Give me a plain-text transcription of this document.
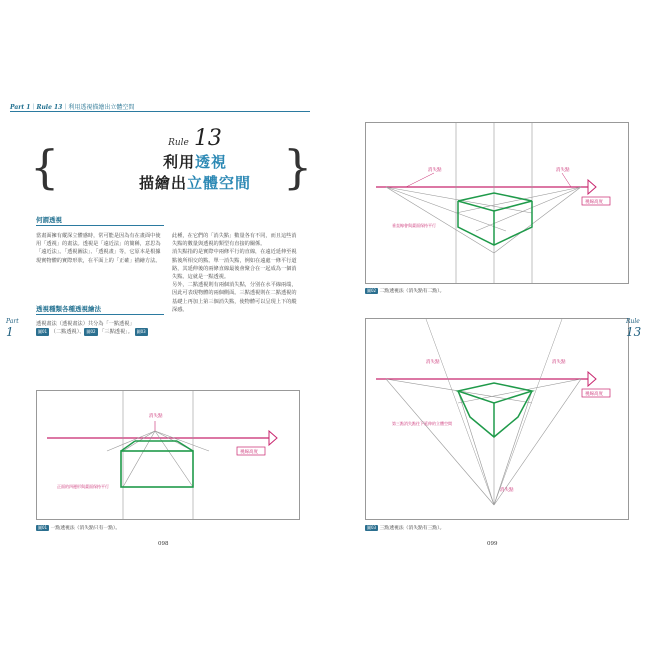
Part 1｜Rule 13｜利用透視描繪出立體空間
{	}
Rule 13
利用透視
描繪出立體空間
何謂透視
當畫面擁有縱深立體感時，常可能是因為有在畫面中使用「透視」的畫法。透視是「遠近法」的簡稱，意思為「遠近法」。「透視圖法」、「透視畫」等，它原本是根據現實物體的實際形狀，在平面上的「正確」描繪方法。
透視種類各種透視繪法
透視畫法（透視畫法）共分為「一點透視」
圖01 （二點透視）、 圖02 「三點透視」。 圖03
此種，在它們的「消失點」數量各有不同，而且這些消失點的數量與透視的類型有直接的關係。
消失點指的是實際中兩條平行的直線，在遠近延伸至視點後所相交的點。單一消失點，例如在遠處一條平行道路，其延伸後的兩條直線最後會聚合在一起成為一個消失點。這就是一點透視。
另外，二點透視則有兩個消失點，分別在水平線兩端，因此可表現物體的兩個側面。三點透視則在二點透視的基礎上再加上第三個消失點，使物體可以呈現上下的縱深感。
消失點
視線高度
正面的四邊形與畫面保持平行
圖01 一點透視法（消失點只有一點）。
消失點	消失點
視線高度
垂直線會與畫面保持平行
圖02 二點透視法（消失點有二點）。
消失點	消失點
消失點
視線高度
第三點消失點往下延伸的立體空間
圖03 三點透視法（消失點有三點）。
Part
1
Rule
13
098	099
